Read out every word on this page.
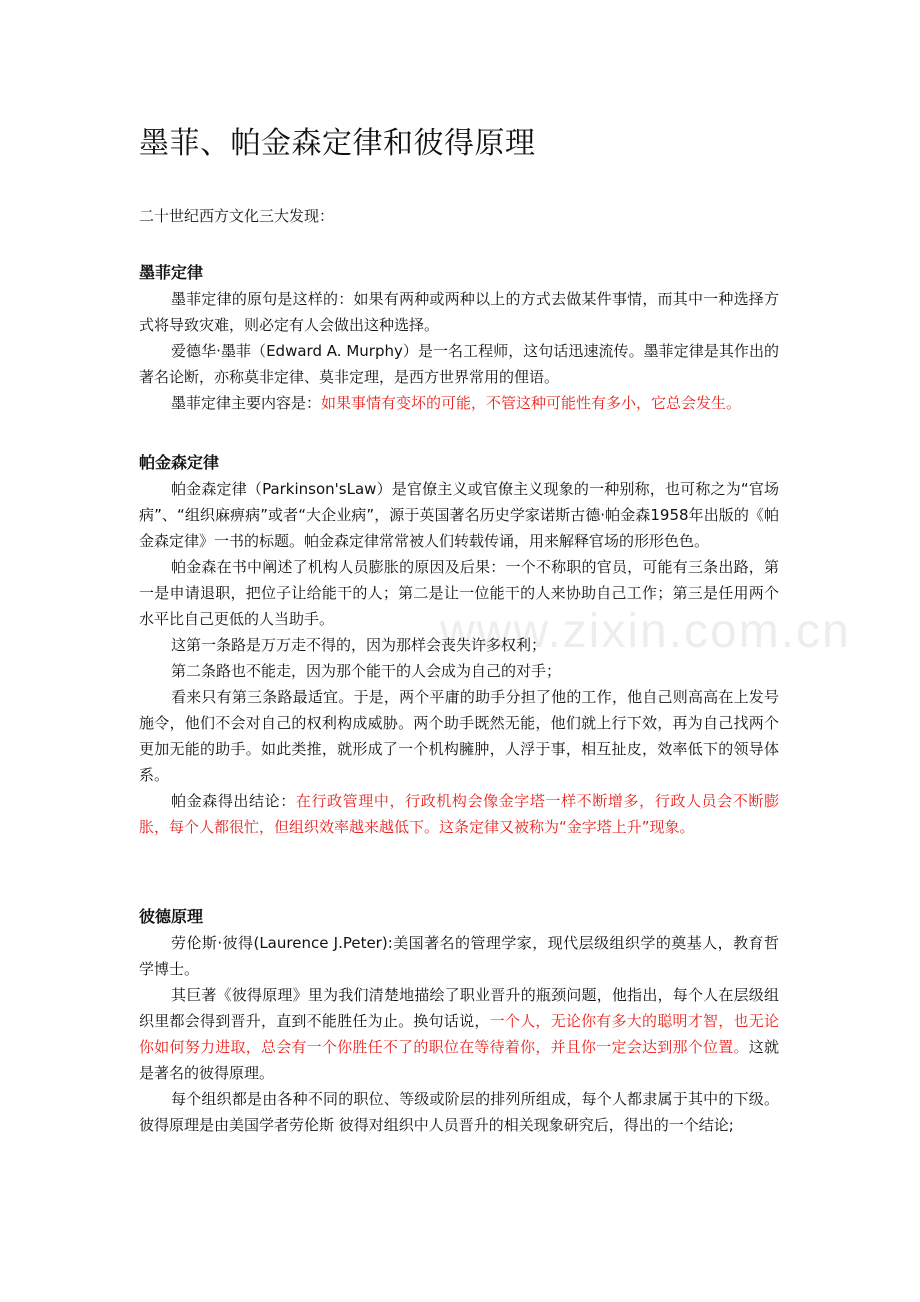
www.zixin.com.cn
墨菲、帕金森定律和彼得原理

二十世纪西方文化三大发现：

墨菲定律

墨菲定律的原句是这样的：如果有两种或两种以上的方式去做某件事情，而其中一种选择方式将导致灾难，则必定有人会做出这种选择。

爱德华·墨菲（Edward A. Murphy）是一名工程师，这句话迅速流传。墨菲定律是其作出的著名论断，亦称莫非定律、莫非定理，是西方世界常用的俚语。

墨菲定律主要内容是：如果事情有变坏的可能，不管这种可能性有多小，它总会发生。

帕金森定律

帕金森定律（Parkinson'sLaw）是官僚主义或官僚主义现象的一种别称，也可称之为“官场病”、“组织麻痹病”或者“大企业病”，源于英国著名历史学家诺斯古德·帕金森1958年出版的《帕金森定律》一书的标题。帕金森定律常常被人们转载传诵，用来解释官场的形形色色。

帕金森在书中阐述了机构人员膨胀的原因及后果：一个不称职的官员，可能有三条出路，第一是申请退职，把位子让给能干的人；第二是让一位能干的人来协助自己工作；第三是任用两个水平比自己更低的人当助手。

这第一条路是万万走不得的，因为那样会丧失许多权利；

第二条路也不能走，因为那个能干的人会成为自己的对手；

看来只有第三条路最适宜。于是，两个平庸的助手分担了他的工作，他自己则高高在上发号施令，他们不会对自己的权利构成威胁。两个助手既然无能，他们就上行下效，再为自己找两个更加无能的助手。如此类推，就形成了一个机构臃肿，人浮于事，相互扯皮，效率低下的领导体系。

帕金森得出结论：在行政管理中，行政机构会像金字塔一样不断增多，行政人员会不断膨胀，每个人都很忙，但组织效率越来越低下。这条定律又被称为“金字塔上升”现象。

彼德原理

劳伦斯·彼得(Laurence J.Peter):美国著名的管理学家，现代层级组织学的奠基人，教育哲学博士。

其巨著《彼得原理》里为我们清楚地描绘了职业晋升的瓶颈问题，他指出，每个人在层级组织里都会得到晋升，直到不能胜任为止。换句话说，一个人，无论你有多大的聪明才智，也无论你如何努力进取，总会有一个你胜任不了的职位在等待着你，并且你一定会达到那个位置。这就是著名的彼得原理。

每个组织都是由各种不同的职位、等级或阶层的排列所组成，每个人都隶属于其中的下级。彼得原理是由美国学者劳伦斯 彼得对组织中人员晋升的相关现象研究后，得出的一个结论;
